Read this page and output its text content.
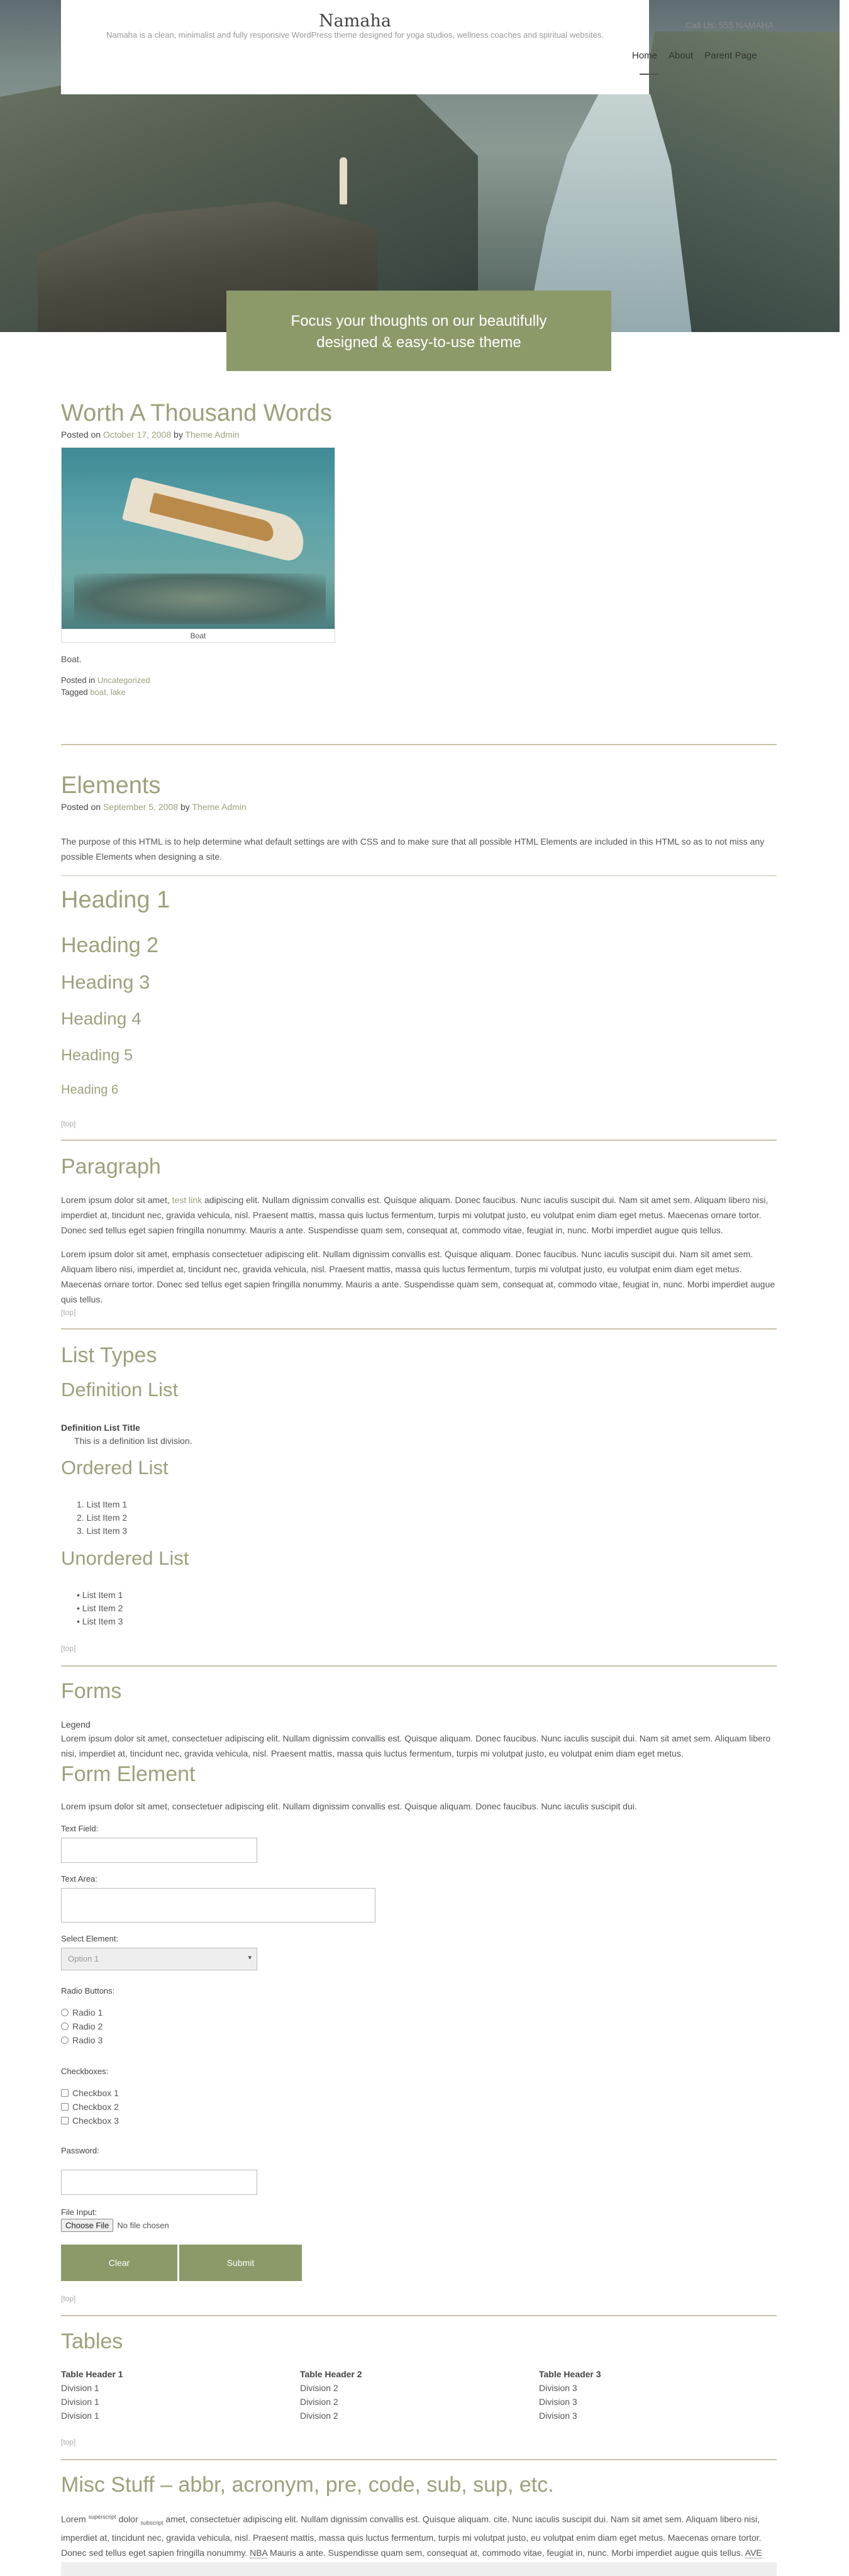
Namaha
Namaha is a clean, minimalist and fully responsive WordPress theme designed for yoga studios, wellness coaches and spiritual websites.
Call Us: 555 NAMAHA
Home About Parent Page
Focus your thoughts on our beautifully
designed & easy-to-use theme
Worth A Thousand Words
Posted on October 17, 2008 by Theme Admin
Boat

Boat.

Posted in Uncategorized
Tagged boat, lake
Elements
Posted on September 5, 2008 by Theme Admin

The purpose of this HTML is to help determine what default settings are with CSS and to make sure that all possible HTML Elements are included in this HTML so as to not miss any possible Elements when designing a site.

Heading 1
Heading 2
Heading 3
Heading 4
Heading 5
Heading 6
[top]
Paragraph

Lorem ipsum dolor sit amet, test link adipiscing elit. Nullam dignissim convallis est. Quisque aliquam. Donec faucibus. Nunc iaculis suscipit dui. Nam sit amet sem. Aliquam libero nisi, imperdiet at, tincidunt nec, gravida vehicula, nisl. Praesent mattis, massa quis luctus fermentum, turpis mi volutpat justo, eu volutpat enim diam eget metus. Maecenas ornare tortor. Donec sed tellus eget sapien fringilla nonummy. Mauris a ante. Suspendisse quam sem, consequat at, commodo vitae, feugiat in, nunc. Morbi imperdiet augue quis tellus.

Lorem ipsum dolor sit amet, emphasis consectetuer adipiscing elit. Nullam dignissim convallis est. Quisque aliquam. Donec faucibus. Nunc iaculis suscipit dui. Nam sit amet sem. Aliquam libero nisi, imperdiet at, tincidunt nec, gravida vehicula, nisl. Praesent mattis, massa quis luctus fermentum, turpis mi volutpat justo, eu volutpat enim diam eget metus. Maecenas ornare tortor. Donec sed tellus eget sapien fringilla nonummy. Mauris a ante. Suspendisse quam sem, consequat at, commodo vitae, feugiat in, nunc. Morbi imperdiet augue quis tellus.

[top]
List Types
Definition List
Definition List Title
This is a definition list division.
Ordered List
1. List Item 1
2. List Item 2
3. List Item 3
Unordered List
• List Item 1
• List Item 2
• List Item 3
[top]
Forms
Legend

Lorem ipsum dolor sit amet, consectetuer adipiscing elit. Nullam dignissim convallis est. Quisque aliquam. Donec faucibus. Nunc iaculis suscipit dui. Nam sit amet sem. Aliquam libero nisi, imperdiet at, tincidunt nec, gravida vehicula, nisl. Praesent mattis, massa quis luctus fermentum, turpis mi volutpat justo, eu volutpat enim diam eget metus.

Form Element

Lorem ipsum dolor sit amet, consectetuer adipiscing elit. Nullam dignissim convallis est. Quisque aliquam. Donec faucibus. Nunc iaculis suscipit dui.

Text Field:
Text Area:
Select Element:
Option 1	▾
Radio Buttons:
Radio 1
Radio 2
Radio 3
Checkboxes:
Checkbox 1
Checkbox 2
Checkbox 3
Password:
File Input:
Choose File	No file chosen
Clear	Submit
[top]
Tables
Table Header 1	Table Header 2	Table Header 3
Division 1	Division 2	Division 3
Division 1	Division 2	Division 3
Division 1	Division 2	Division 3
[top]
Misc Stuff – abbr, acronym, pre, code, sub, sup, etc.

Lorem $^{superscript}$ dolor $_{subscript}$ amet, consectetuer adipiscing elit. Nullam dignissim convallis est. Quisque aliquam. cite. Nunc iaculis suscipit dui. Nam sit amet sem. Aliquam libero nisi, imperdiet at, tincidunt nec, gravida vehicula, nisl. Praesent mattis, massa quis luctus fermentum, turpis mi volutpat justo, eu volutpat enim diam eget metus. Maecenas ornare tortor. Donec sed tellus eget sapien fringilla nonummy. NBA Mauris a ante. Suspendisse quam sem, consequat at, commodo vitae, feugiat in, nunc. Morbi imperdiet augue quis tellus. AVE
